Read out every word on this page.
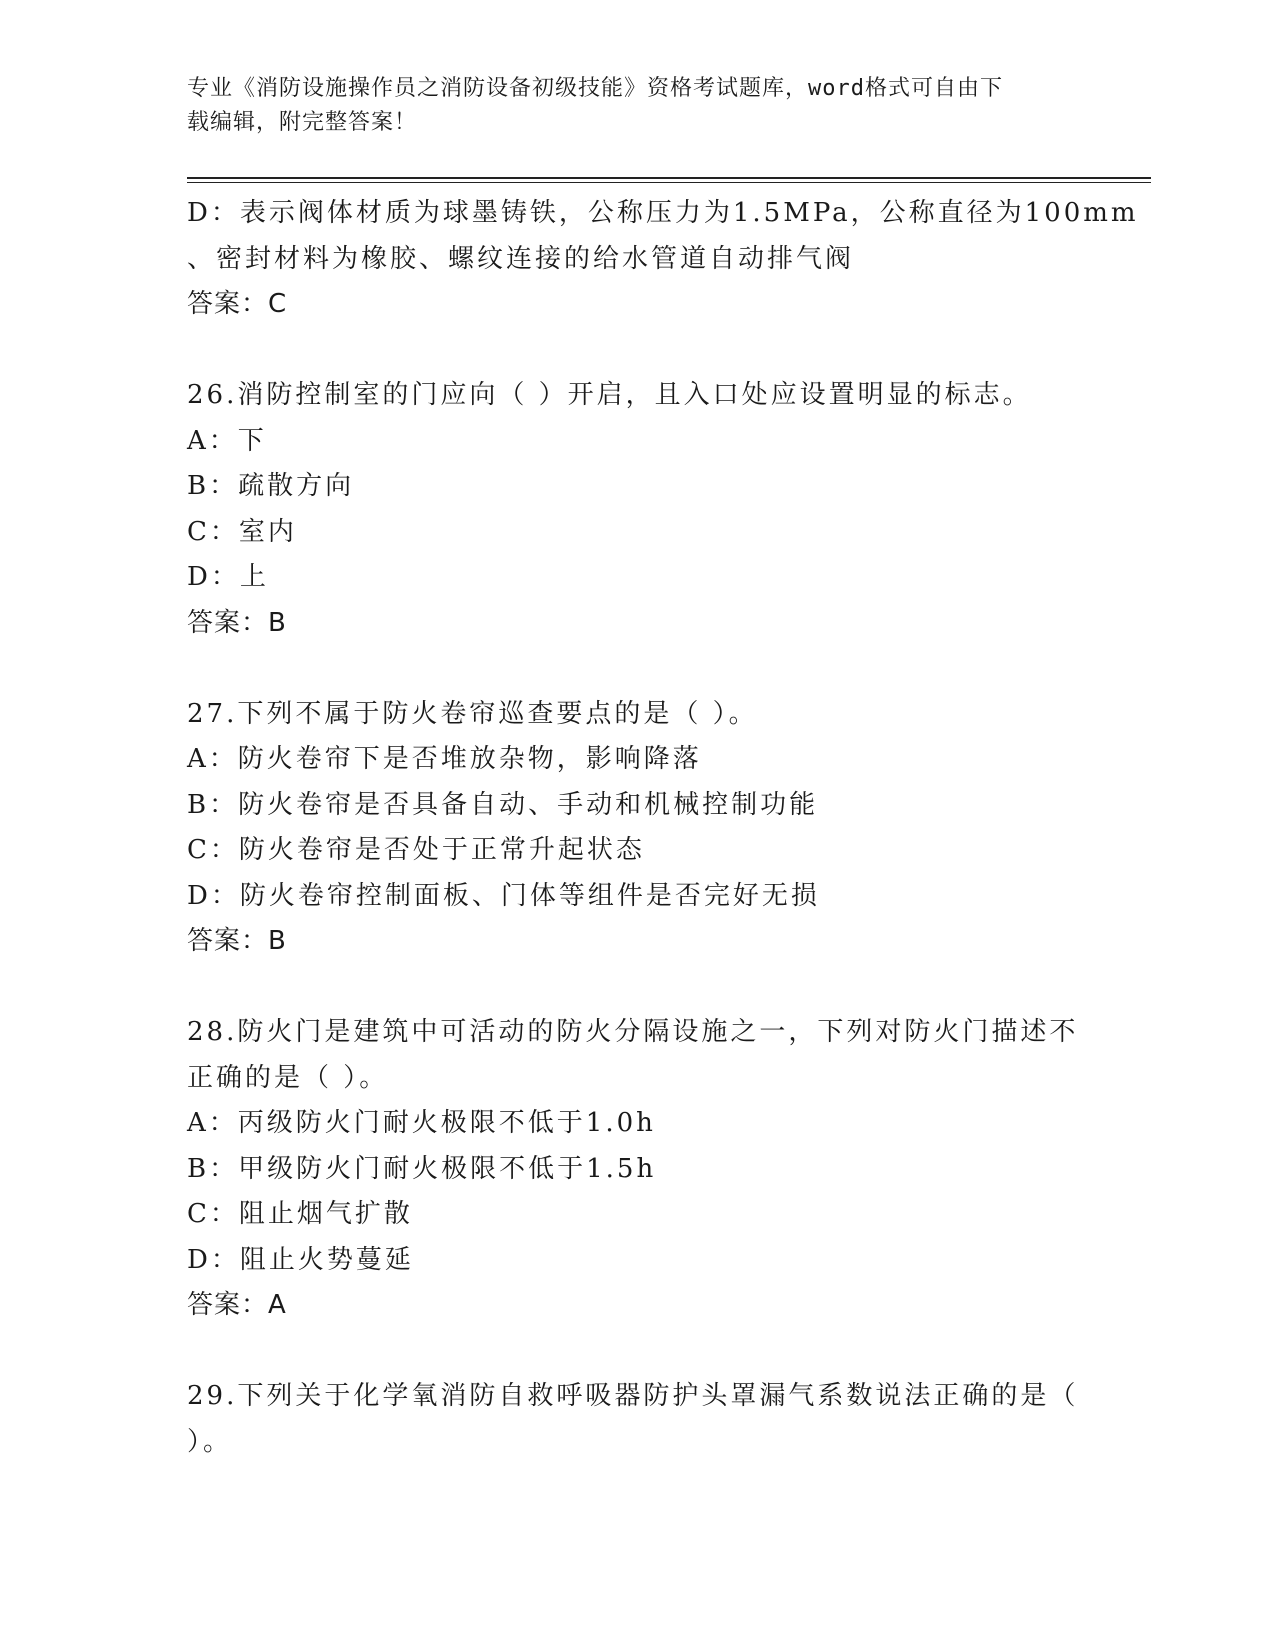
专业《消防设施操作员之消防设备初级技能》资格考试题库，word格式可自由下
载编辑，附完整答案！
D：表示阀体材质为球墨铸铁，公称压力为1.5MPa，公称直径为100mm
、密封材料为橡胶、螺纹连接的给水管道自动排气阀
答案：C
26.消防控制室的门应向（ ）开启，且入口处应设置明显的标志。
A：下
B：疏散方向
C：室内
D：上
答案：B
27.下列不属于防火卷帘巡查要点的是（ ）。
A：防火卷帘下是否堆放杂物，影响降落
B：防火卷帘是否具备自动、手动和机械控制功能
C：防火卷帘是否处于正常升起状态
D：防火卷帘控制面板、门体等组件是否完好无损
答案：B
28.防火门是建筑中可活动的防火分隔设施之一，下列对防火门描述不
正确的是（ ）。
A：丙级防火门耐火极限不低于1.0h
B：甲级防火门耐火极限不低于1.5h
C：阻止烟气扩散
D：阻止火势蔓延
答案：A
29.下列关于化学氧消防自救呼吸器防护头罩漏气系数说法正确的是（
）。
